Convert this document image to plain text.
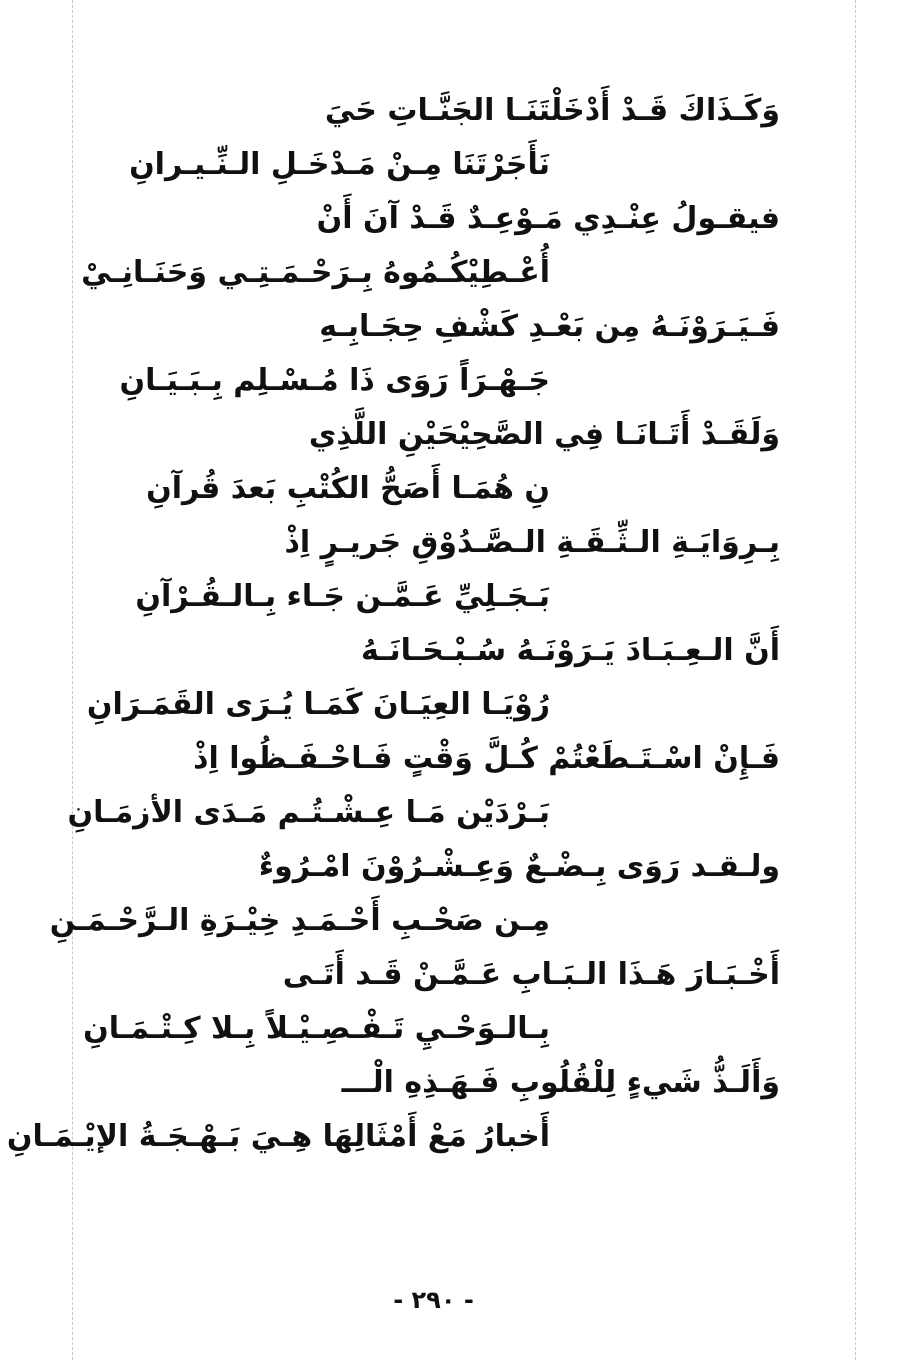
وَكَـذَاكَ قَـدْ أَدْخَلْتَنَـا الجَنَّـاتِ حَيَ
نَأَجَرْتَنَا مِـنْ مَـدْخَـلِ الـنِّـيـرانِ
فيقـولُ عِنْـدِي مَـوْعِـدٌ قَـدْ آنَ أَنْ
أُعْـطِيْكُـمُوهُ بِـرَحْـمَـتِـي وَحَنَـانِـيْ
فَـيَـرَوْنَـهُ مِن بَعْـدِ كَشْفِ حِجَـابِـهِ
جَـهْـرَاً رَوَى ذَا مُـسْـلِم بِـبَـيَـانِ
وَلَقَـدْ أَتَـانَـا فِي الصَّحِيْحَيْنِ اللَّذِي
نِ هُمَـا أَصَحُّ الكُتْبِ بَعدَ قُرآنِ
بِـرِوَايَـةِ الـثِّـقَـةِ الـصَّـدُوْقِ جَريـرٍ اِذْ
بَـجَـلِيِّ عَـمَّـن جَـاء بِـالـقُـرْآنِ
أَنَّ الـعِـبَـادَ يَـرَوْنَـهُ سُـبْـحَـانَـهُ
رُوْيَـا العِيَـانَ كَمَـا يُـرَى القَمَـرَانِ
فَـإِنْ اسْـتَـطَعْتُمْ كُـلَّ وَقْتٍ فَـاحْـفَـظُوا اِذْ
بَـرْدَيْن مَـا عِـشْـتُـم مَـدَى الأزمَـانِ
ولـقـد رَوَى بِـضْـعٌ وَعِـشْـرُوْنَ امْـرُوءٌ
مِـن صَحْـبِ أَحْـمَـدِ خِيْـرَةِ الـرَّحْـمَـنِ
أَخْـبَـارَ هَـذَا الـبَـابِ عَـمَّـنْ قَـد أَتَـى
بِـالـوَحْـيِ تَـفْـصِـيْـلاً بِـلا كِـتْـمَـانِ
وَأَلَـذُّ شَيءٍ لِلْقُلُوبِ فَـهَـذِهِ الْـــ
أَخبارُ مَعْ أَمْثَالِهَا هِـيَ بَـهْـجَـةُ الإيْـمَـانِ
- ٢٩٠ -
